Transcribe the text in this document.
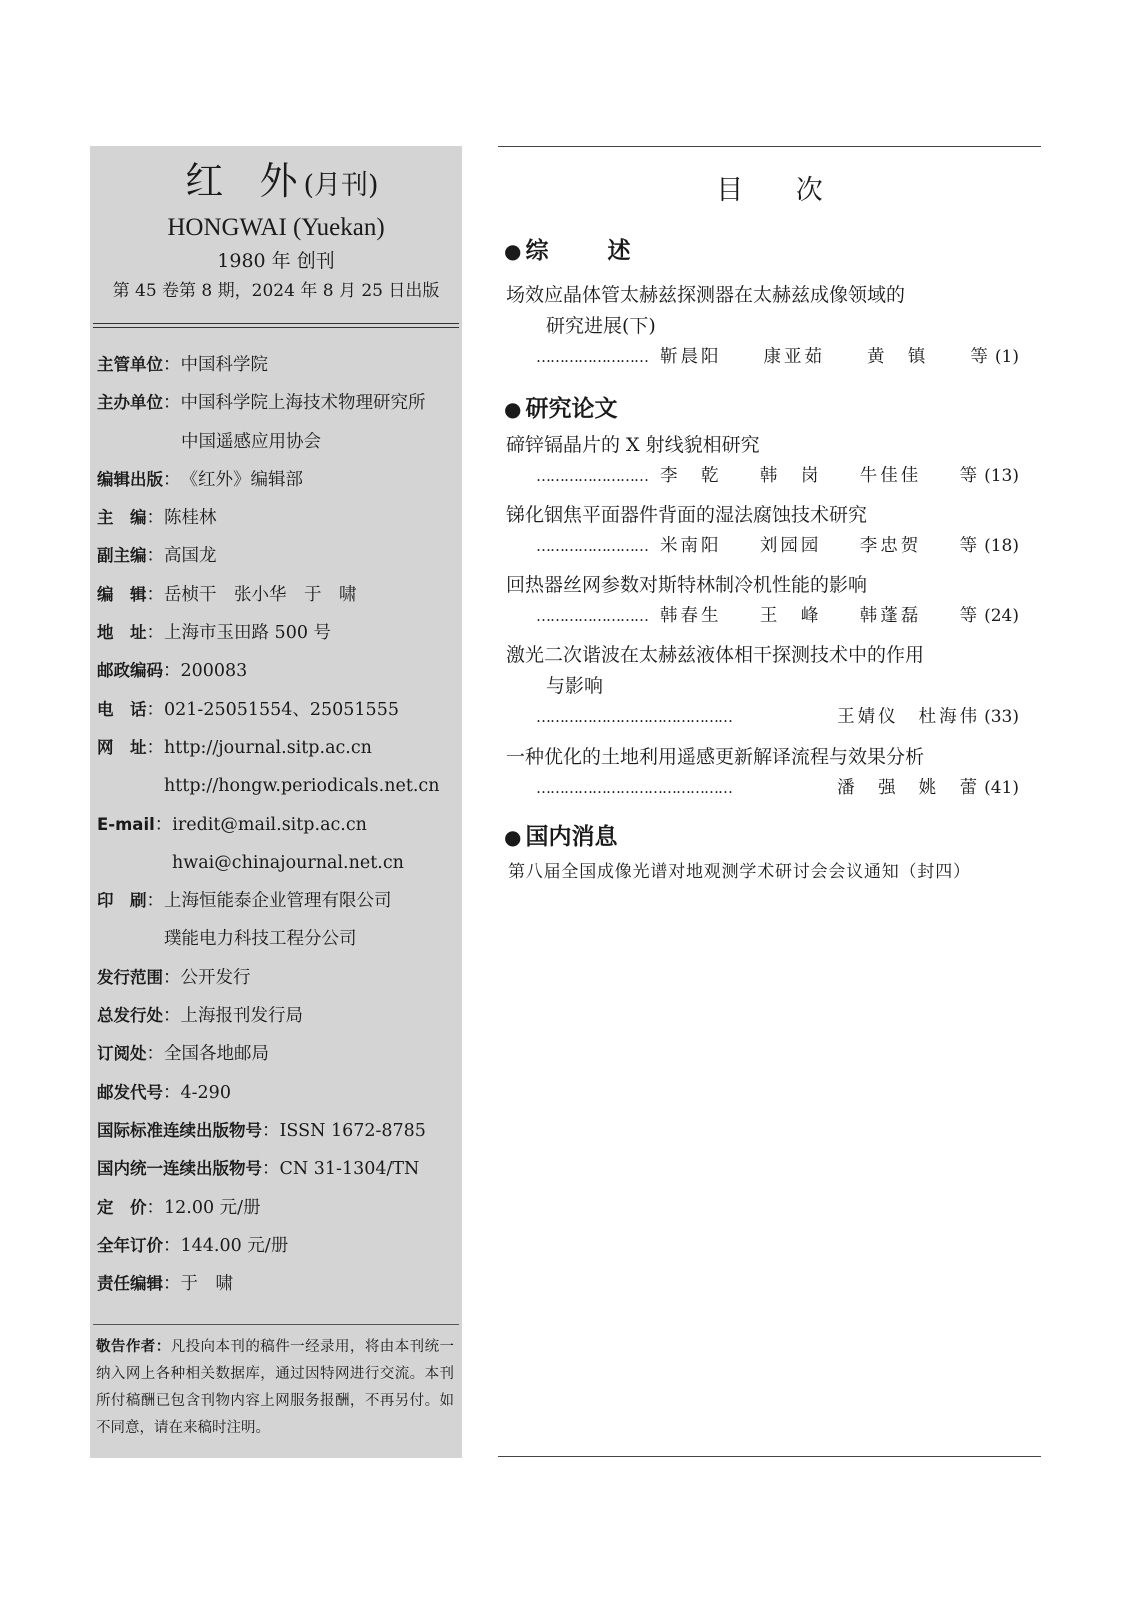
红 外(月刊)
HONGWAI (Yuekan)
1980 年 创刊
第 45 卷第 8 期，2024 年 8 月 25 日出版
主管单位： 中国科学院
主办单位： 中国科学院上海技术物理研究所
中国遥感应用协会
编辑出版： 《红外》编辑部
主　编： 陈桂林
副主编： 高国龙
编　辑： 岳桢干　张小华　于　啸
地　址： 上海市玉田路 500 号
邮政编码： 200083
电　话： 021-25051554、25051555
网　址： http://journal.sitp.ac.cn
http://hongw.periodicals.net.cn
E-mail： iredit@mail.sitp.ac.cn
hwai@chinajournal.net.cn
印　刷： 上海恒能泰企业管理有限公司
璞能电力科技工程分公司
发行范围： 公开发行
总发行处： 上海报刊发行局
订阅处： 全国各地邮局
邮发代号： 4-290
国际标准连续出版物号： ISSN 1672-8785
国内统一连续出版物号： CN 31-1304/TN
定　价： 12.00 元/册
全年订价： 144.00 元/册
责任编辑： 于　啸
敬告作者：凡投向本刊的稿件一经录用，将由本刊统一纳入网上各种相关数据库，通过因特网进行交流。本刊所付稿酬已包含刊物内容上网服务报酬，不再另付。如不同意，请在来稿时注明。
目 次
● 综　述
● 研究论文
● 国内消息
场效应晶体管太赫兹探测器在太赫兹成像领域的
研究进展(下)
…………………… 靳晨阳 康亚茹 黄　镇 等 (1)
碲锌镉晶片的 X 射线貌相研究
…………………… 李　乾 韩　岗 牛佳佳 等 (13)
锑化铟焦平面器件背面的湿法腐蚀技术研究
…………………… 米南阳 刘园园 李忠贺 等 (18)
回热器丝网参数对斯特林制冷机性能的影响
…………………… 韩春生 王　峰 韩蓬磊 等 (24)
激光二次谐波在太赫兹液体相干探测技术中的作用
与影响
……………………………………	王婧仪 杜海伟 (33)
一种优化的土地利用遥感更新解译流程与效果分析
……………………………………	潘　强 姚　蕾 (41)
第八届全国成像光谱对地观测学术研讨会会议通知（封四）
